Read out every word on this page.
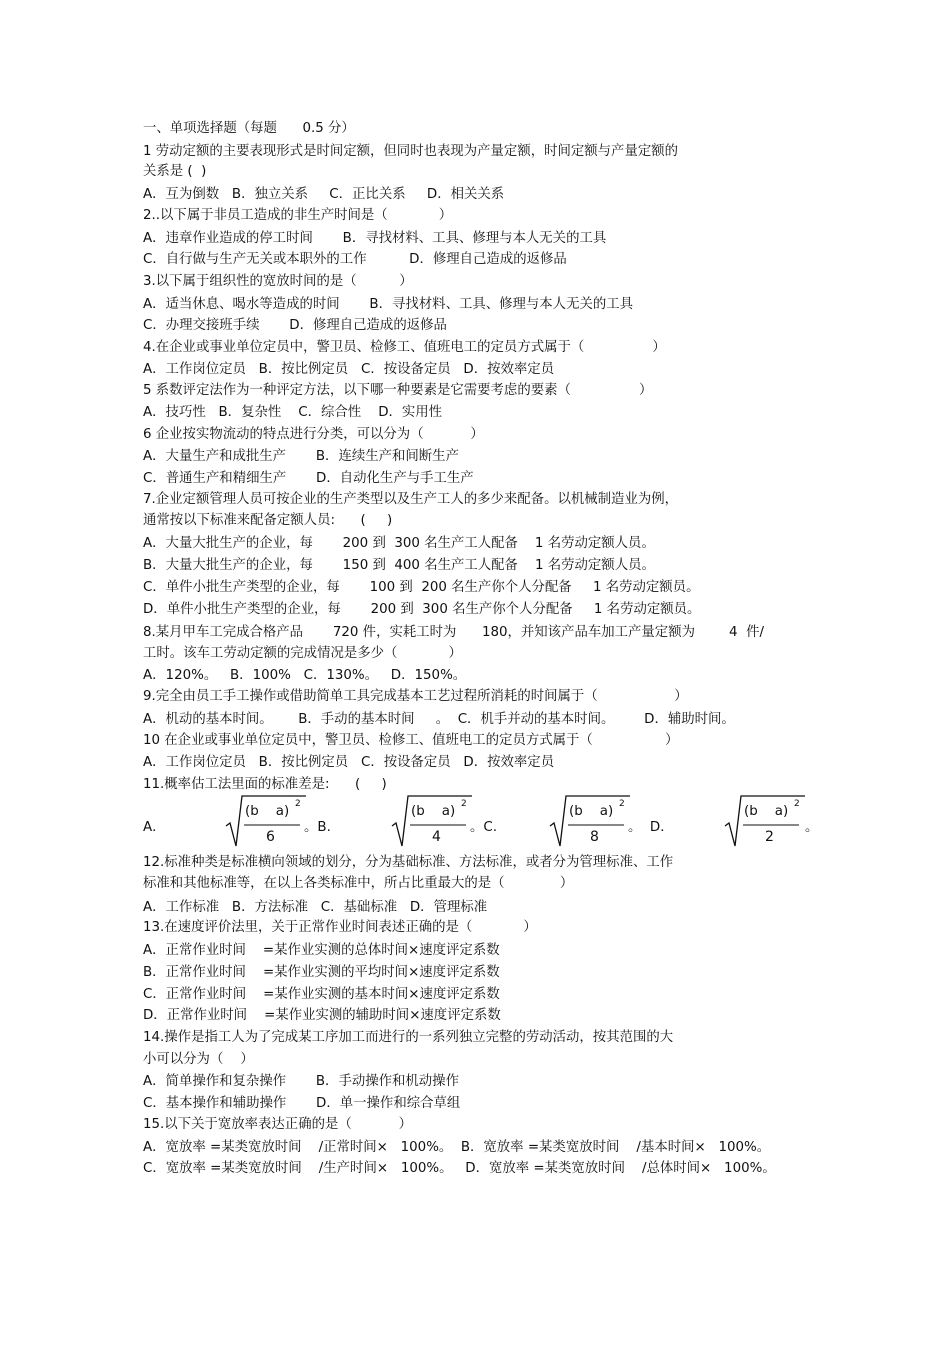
一、单项选择题（每题      0.5 分）
1 劳动定额的主要表现形式是时间定额，但同时也表现为产量定额，时间定额与产量定额的
关系是 (  )
A．互为倒数   B．独立关系     C．正比关系     D．相关关系
2..以下属于非员工造成的非生产时间是（            ）
A．违章作业造成的停工时间       B．寻找材料、工具、修理与本人无关的工具
C．自行做与生产无关或本职外的工作          D．修理自己造成的返修品
3.以下属于组织性的宽放时间的是（          ）
A．适当休息、喝水等造成的时间       B．寻找材料、工具、修理与本人无关的工具
C．办理交接班手续       D．修理自己造成的返修品
4.在企业或事业单位定员中，警卫员、检修工、值班电工的定员方式属于（                ）
A．工作岗位定员   B．按比例定员   C．按设备定员   D．按效率定员
5 系数评定法作为一种评定方法，以下哪一种要素是它需要考虑的要素（                ）
A．技巧性   B．复杂性    C．综合性    D．实用性
6 企业按实物流动的特点进行分类，可以分为（           ）
A．大量生产和成批生产       B．连续生产和间断生产
C．普通生产和精细生产       D．自动化生产与手工生产
7.企业定额管理人员可按企业的生产类型以及生产工人的多少来配备。以机械制造业为例，
通常按以下标准来配备定额人员:      (     )
A．大量大批生产的企业，每       200 到  300 名生产工人配备    1 名劳动定额人员。
B．大量大批生产的企业，每       150 到  400 名生产工人配备    1 名劳动定额人员。
C．单件小批生产类型的企业，每       100 到  200 名生产你个人分配备     1 名劳动定额员。
D．单件小批生产类型的企业，每       200 到  300 名生产你个人分配备     1 名劳动定额员。
8.某月甲车工完成合格产品       720 件，实耗工时为      180，并知该产品车加工产量定额为        4  件/
工时。该车工劳动定额的完成情况是多少（            ）
A．120%。   B．100%   C．130%。   D．150%。
9.完全由员工手工操作或借助简单工具完成基本工艺过程所消耗的时间属于（                  ）
A．机动的基本时间。      B．手动的基本时间     。  C．机手并动的基本时间。       D．辅助时间。
10 在企业或事业单位定员中，警卫员、检修工、值班电工的定员方式属于（                 ）
A．工作岗位定员   B．按比例定员   C．按设备定员   D．按效率定员
11.概率估工法里面的标准差是:      (     )
12.标准种类是标准横向领域的划分，分为基础标准、方法标准，或者分为管理标准、工作
标准和其他标准等，在以上各类标准中，所占比重最大的是（             ）
A．工作标准   B．方法标准   C．基础标准   D．管理标准
13.在速度评价法里，关于正常作业时间表述正确的是（            ）
A．正常作业时间    =某作业实测的总体时间×速度评定系数
B．正常作业时间    =某作业实测的平均时间×速度评定系数
C．正常作业时间    =某作业实测的基本时间×速度评定系数
D．正常作业时间    =某作业实测的辅助时间×速度评定系数
14.操作是指工人为了完成某工序加工而进行的一系列独立完整的劳动活动，按其范围的大
小可以分为（    ）
A．简单操作和复杂操作       B．手动操作和机动操作
C．基本操作和辅助操作       D．单一操作和综合草组
15.以下关于宽放率表达正确的是（           ）
A．宽放率 =某类宽放时间    /正常时间×   100%。  B．宽放率 =某类宽放时间    /基本时间×   100%。
C．宽放率 =某类宽放时间    /生产时间×   100%。   D．宽放率 =某类宽放时间    /总体时间×   100%。
A．
(b    a) 2
6
。B.
(b    a) 2
4
。C.
(b    a) 2
8
。  D．
(b    a) 2
2
。
